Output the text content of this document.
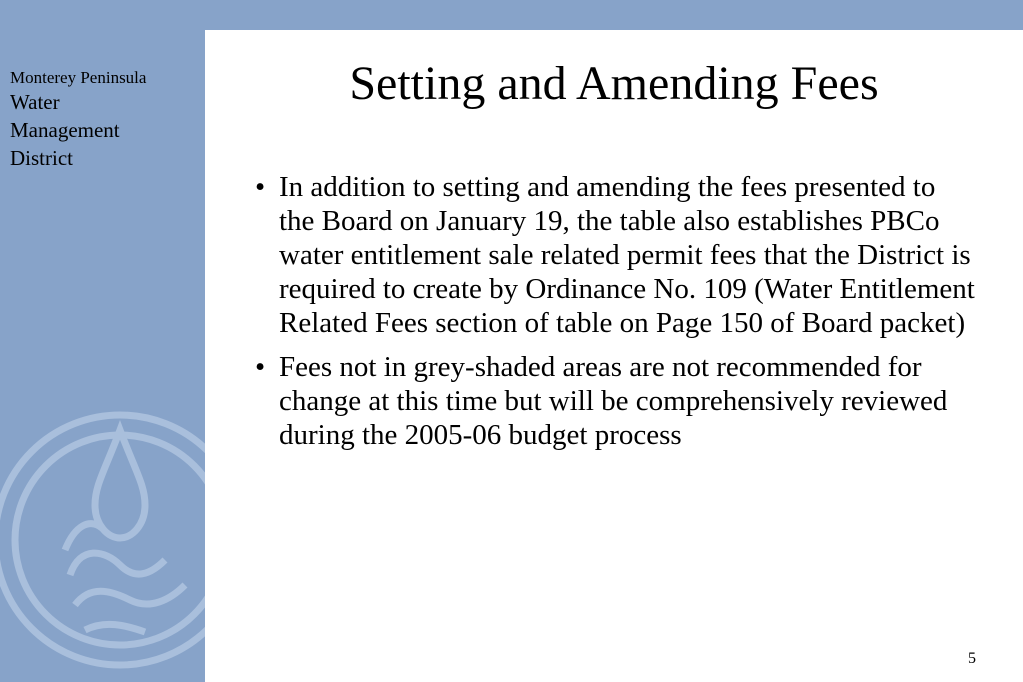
Monterey Peninsula
Water
Management
District
Setting and Amending Fees
• In addition to setting and amending the fees presented to the Board on January 19, the table also establishes PBCo water entitlement sale related permit fees that the District is required to create by Ordinance No. 109 (Water Entitlement Related Fees section of table on Page 150 of Board packet)
• Fees not in grey-shaded areas are not recommended for change at this time but will be comprehensively reviewed during the 2005-06 budget process
5
